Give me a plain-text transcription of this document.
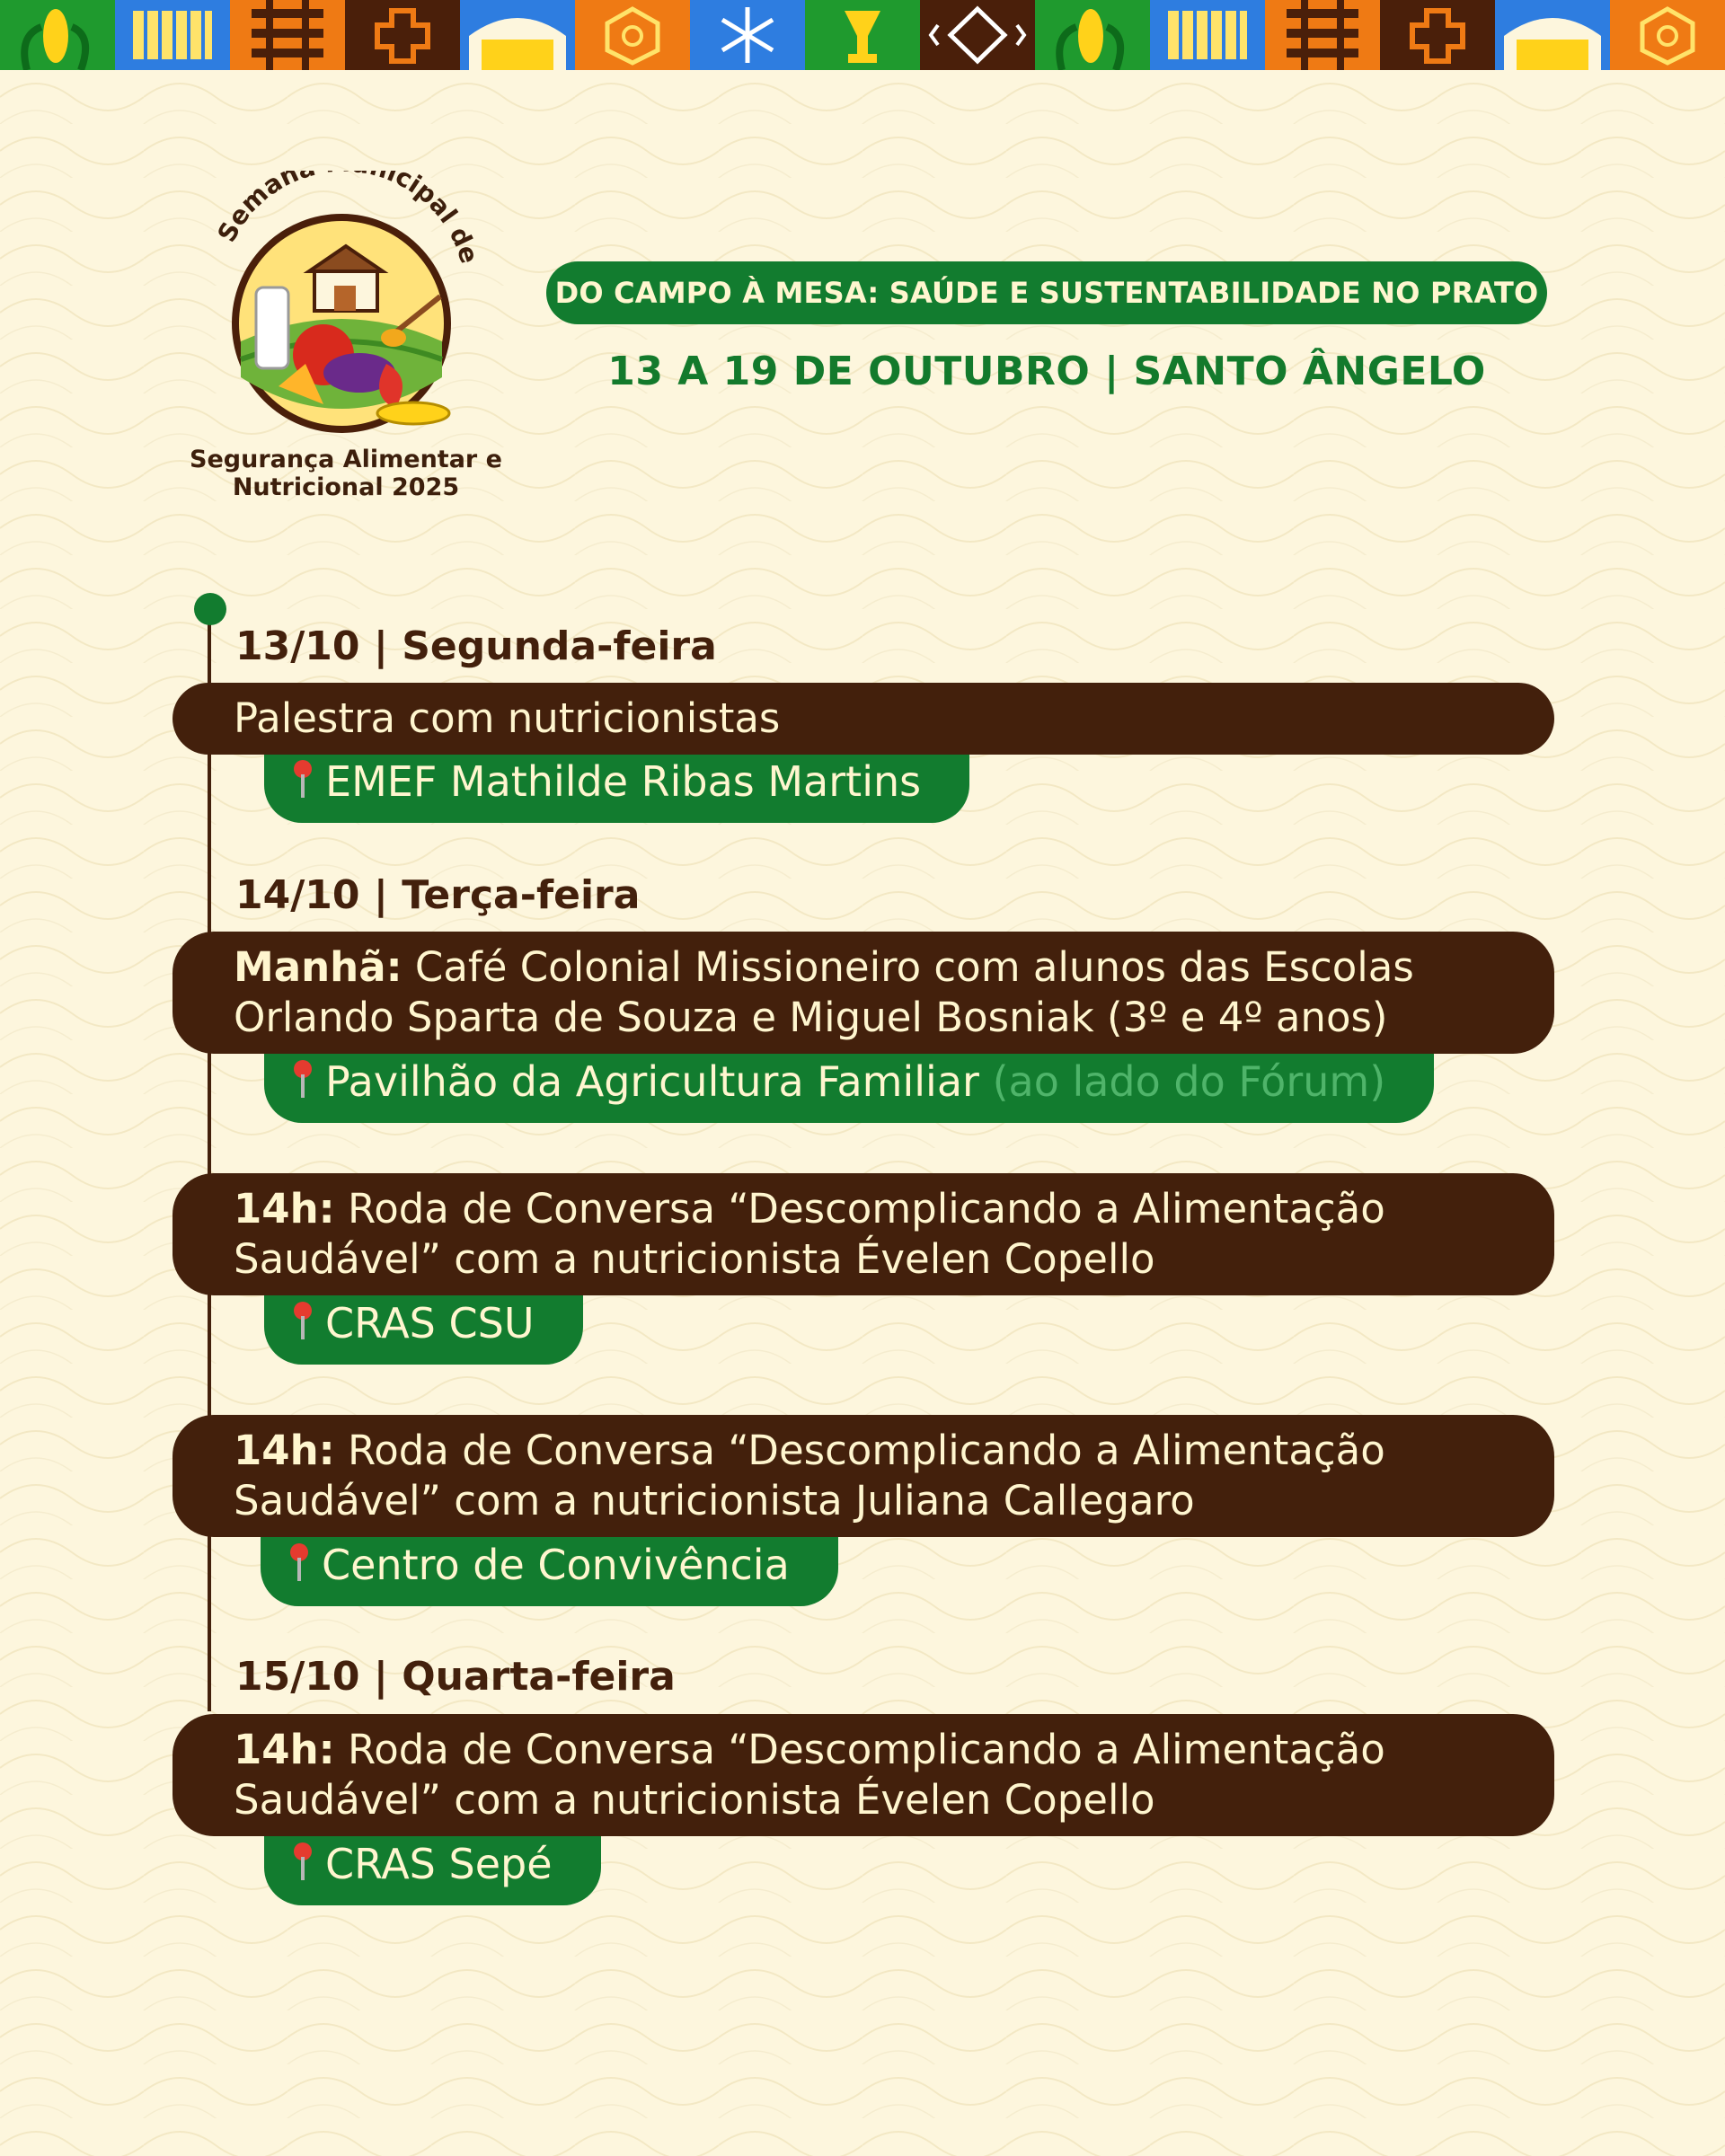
Seman icipal de
Segurança Alimentar e Nutricional 2025
DO CAMPO À MESA: SAÚDE E SUSTENTABILIDADE NO PRATO
13 A 19 DE OUTUBRO | SANTO ÂNGELO
13/10 | Segunda-feira
EMEF Mathilde Ribas Martins
Palestra com nutricionistas
14/10 | Terça-feira
Pavilhão da Agricultura Familiar (ao lado do Fórum)
Manhã: Café Colonial Missioneiro com alunos das Escolas Orlando Sparta de Souza e Miguel Bosniak (3º e 4º anos)
CRAS CSU
14h: Roda de Conversa “Descomplicando a Alimentação Saudável” com a nutricionista Évelen Copello
Centro de Convivência
14h: Roda de Conversa “Descomplicando a Alimentação Saudável” com a nutricionista Juliana Callegaro
15/10 | Quarta-feira
CRAS Sepé
14h: Roda de Conversa “Descomplicando a Alimentação Saudável” com a nutricionista Évelen Copello
